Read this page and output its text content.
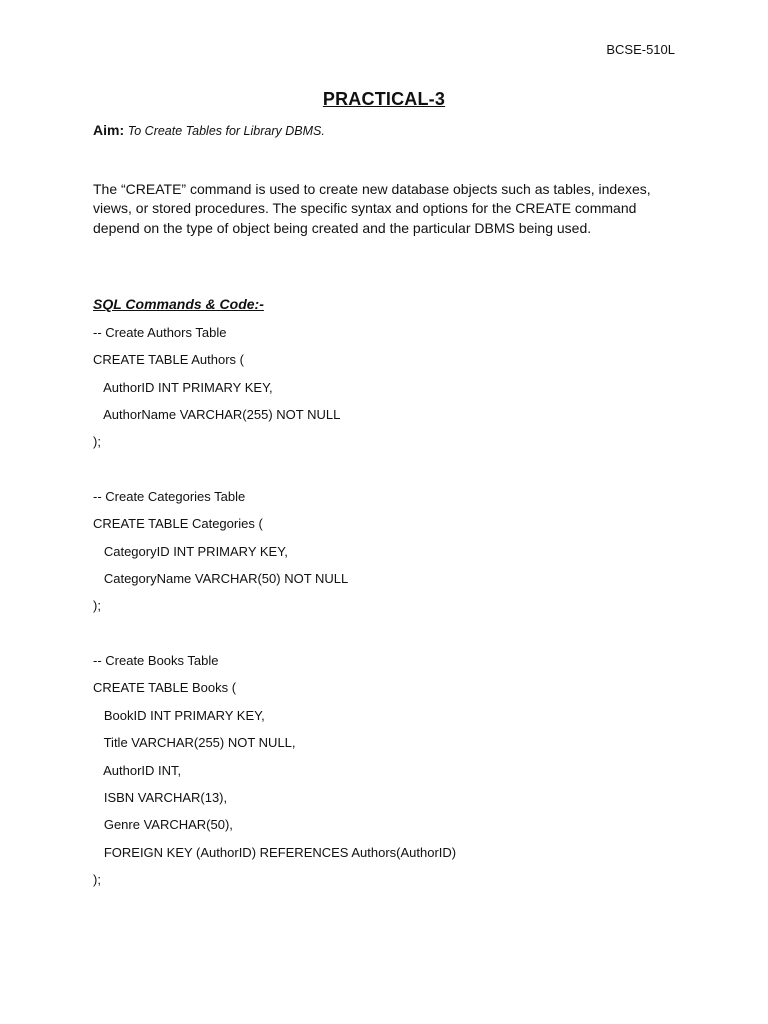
BCSE-510L
PRACTICAL-3
Aim: To Create Tables for Library DBMS.

The “CREATE” command is used to create new database objects such as tables, indexes, views, or stored procedures. The specific syntax and options for the CREATE command depend on the type of object being created and the particular DBMS being used.

SQL Commands & Code:-
-- Create Authors Table
CREATE TABLE Authors (
AuthorID INT PRIMARY KEY,
AuthorName VARCHAR(255) NOT NULL
);
-- Create Categories Table
CREATE TABLE Categories (
CategoryID INT PRIMARY KEY,
CategoryName VARCHAR(50) NOT NULL
);
-- Create Books Table
CREATE TABLE Books (
BookID INT PRIMARY KEY,
Title VARCHAR(255) NOT NULL,
AuthorID INT,
ISBN VARCHAR(13),
Genre VARCHAR(50),
FOREIGN KEY (AuthorID) REFERENCES Authors(AuthorID)
);
